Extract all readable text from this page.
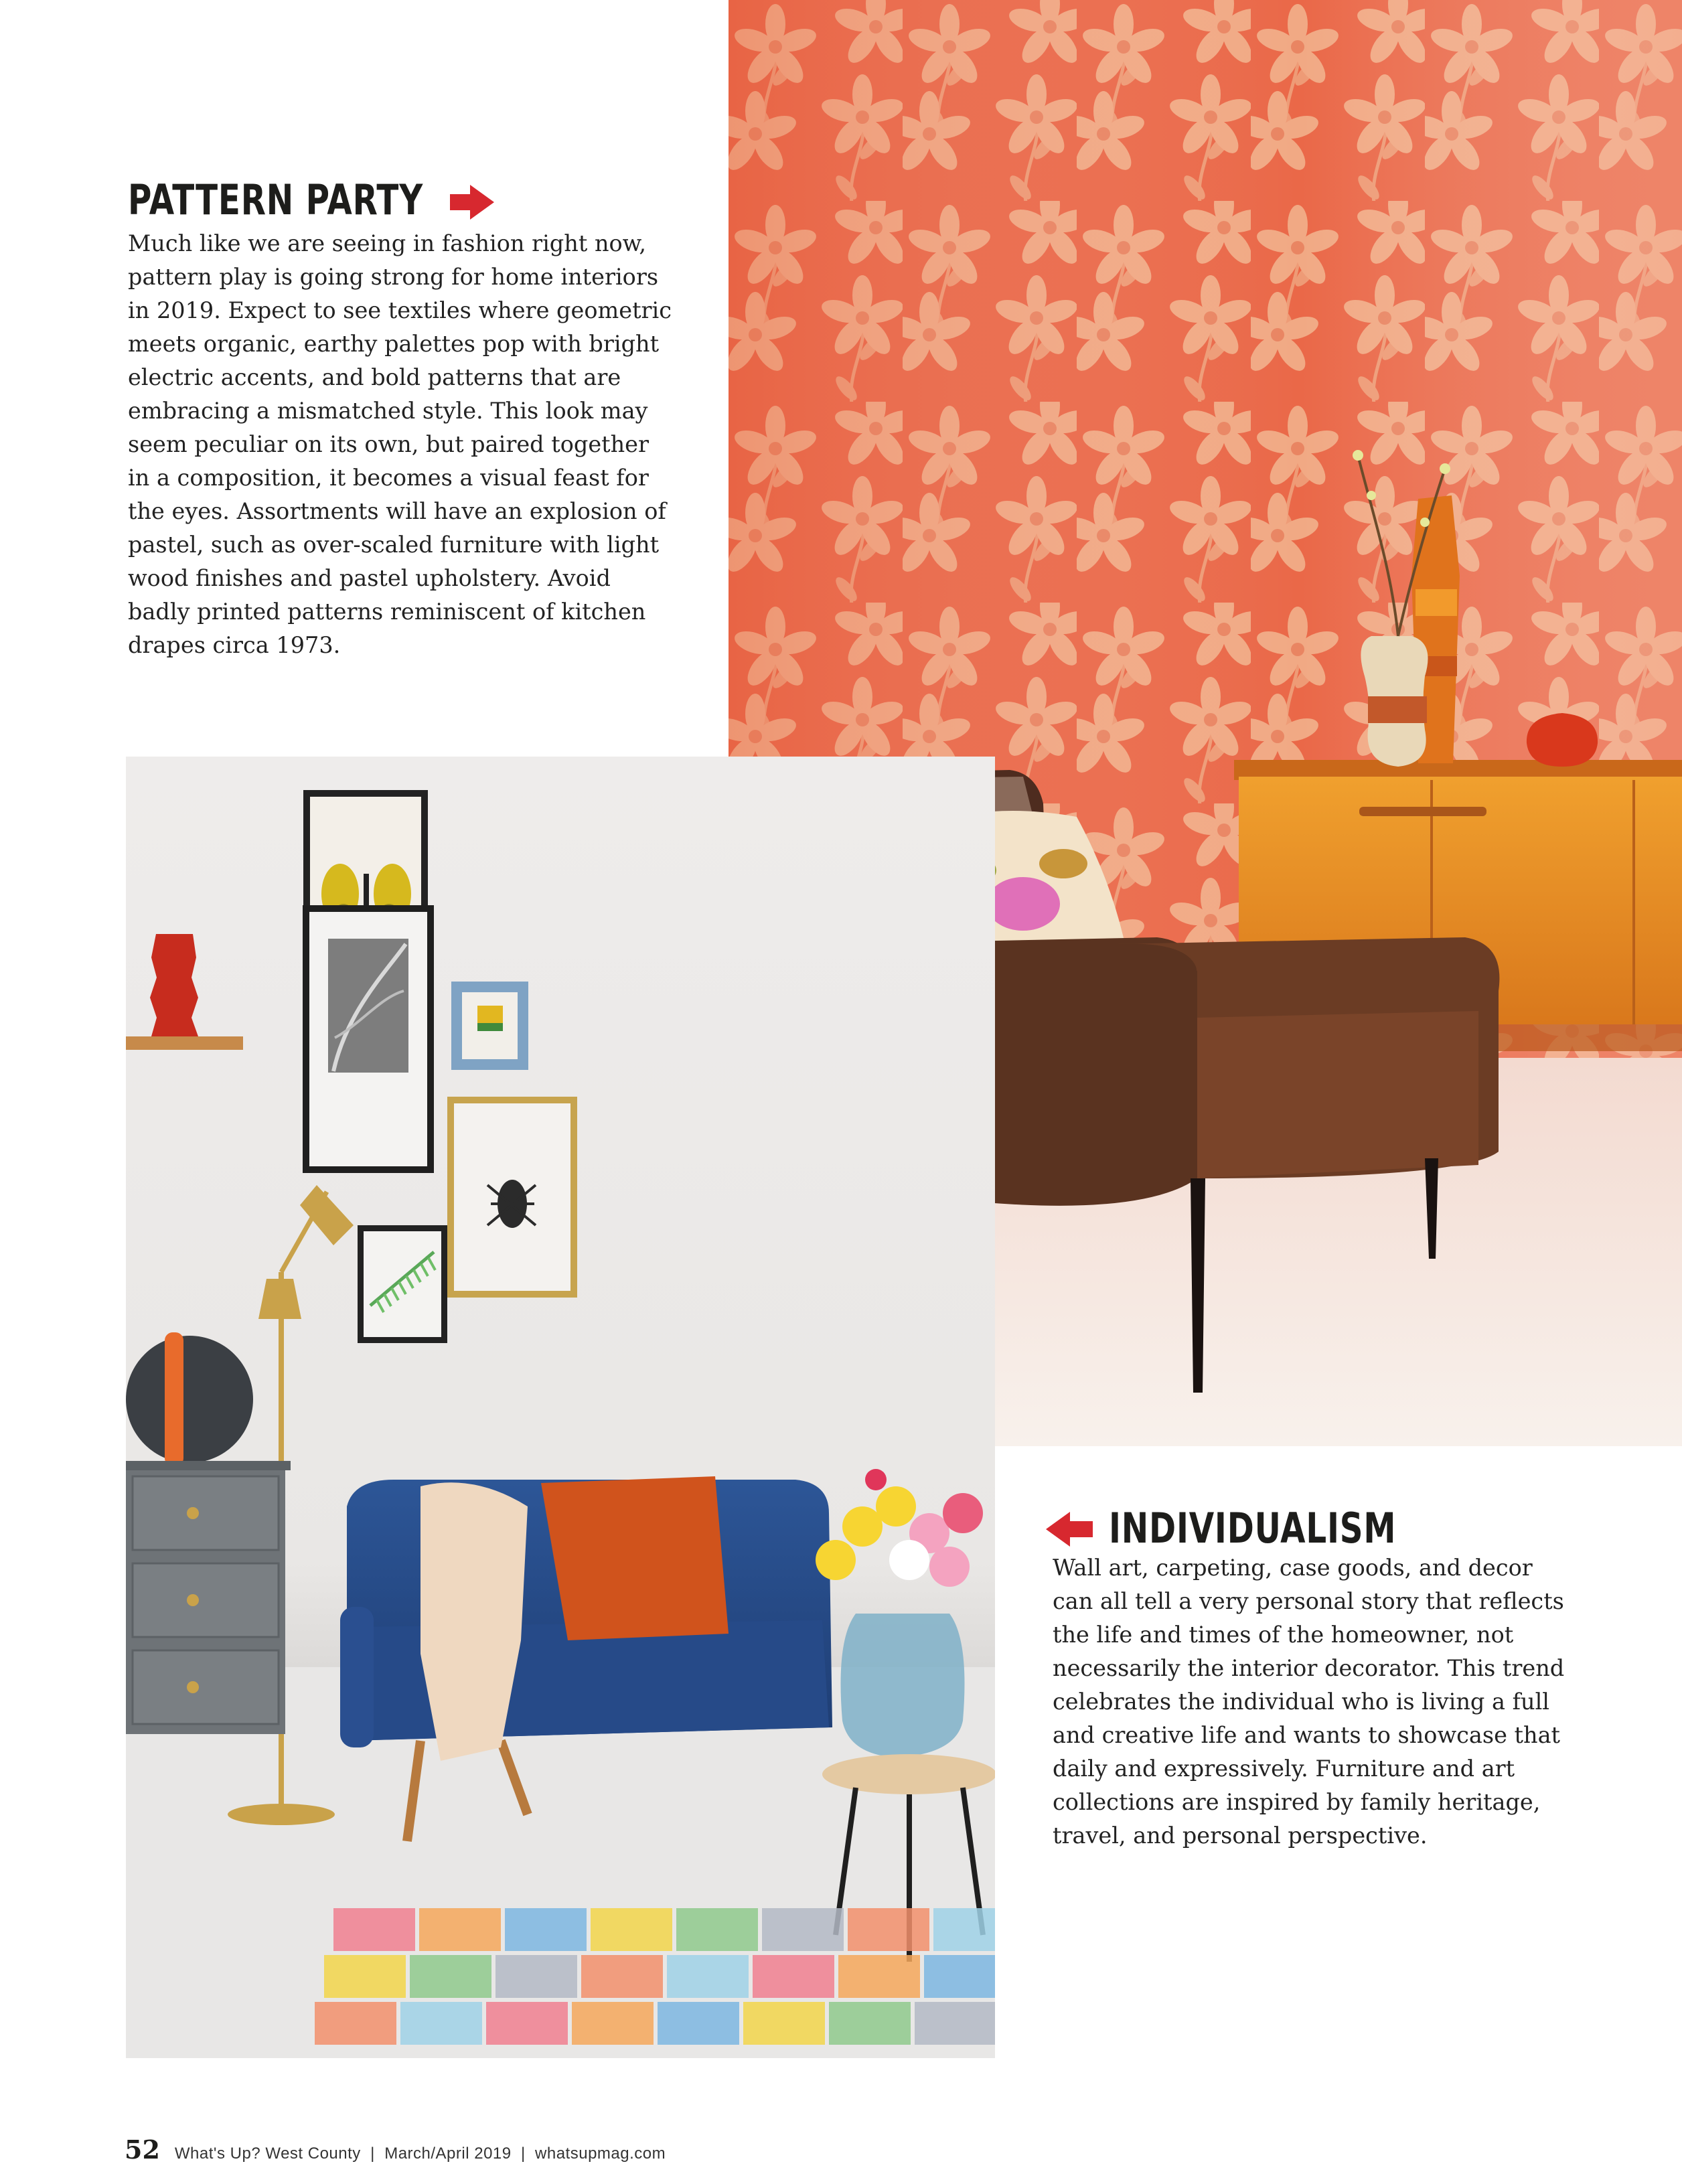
PATTERN PARTY

Much like we are seeing in fashion right now,
pattern play is going strong for home interiors
in 2019. Expect to see textiles where geometric
meets organic, earthy palettes pop with bright
electric accents, and bold patterns that are
embracing a mismatched style. This look may
seem peculiar on its own, but paired together
in a composition, it becomes a visual feast for
the eyes. Assortments will have an explosion of
pastel, such as over-scaled furniture with light
wood finishes and pastel upholstery. Avoid
badly printed patterns reminiscent of kitchen
drapes circa 1973.

INDIVIDUALISM

Wall art, carpeting, case goods, and decor
can all tell a very personal story that reflects
the life and times of the homeowner, not
necessarily the interior decorator. This trend
celebrates the individual who is living a full
and creative life and wants to showcase that
daily and expressively. Furniture and art
collections are inspired by family heritage,
travel, and personal perspective.

52 What's Up? West County  |  March/April 2019  |  whatsupmag.com
